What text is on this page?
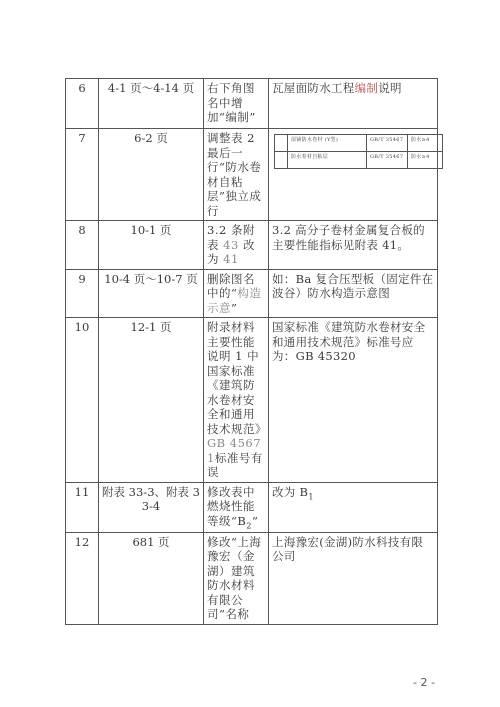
6	4-1 页～4-14 页	右下角图名中增加“编制”	瓦屋面防水工程编制说明
7	6-2 页	调整表 2 最后一行“防水卷材自粘层”独立成行	
	湿铺防水卷材 (Y型)	GB/T 35467	防水≥4
	防水卷材自粘层	GB/T 35467	防水≥4

8	10-1 页	3.2 条附表 43 改为 41	3.2 高分子卷材金属复合板的主要性能指标见附表 41。
9	10-4 页～10-7 页	删除图名中的“构造示意”	如：Ba 复合压型板（固定件在波谷）防水构造示意图
10	12-1 页	附录材料主要性能说明 1 中国家标准《建筑防水卷材安全和通用技术规范》GB 45671标准号有误	国家标准《建筑防水卷材安全和通用技术规范》标准号应为：GB 45320
11	附表 33-3、附表 33-4	修改表中燃烧性能等级“$B_2$”	改为 $B_1$
12	681 页	修改“上海豫宏（金湖）建筑防水材料有限公司”名称	上海豫宏(金湖)防水科技有限公司
- 2 -
